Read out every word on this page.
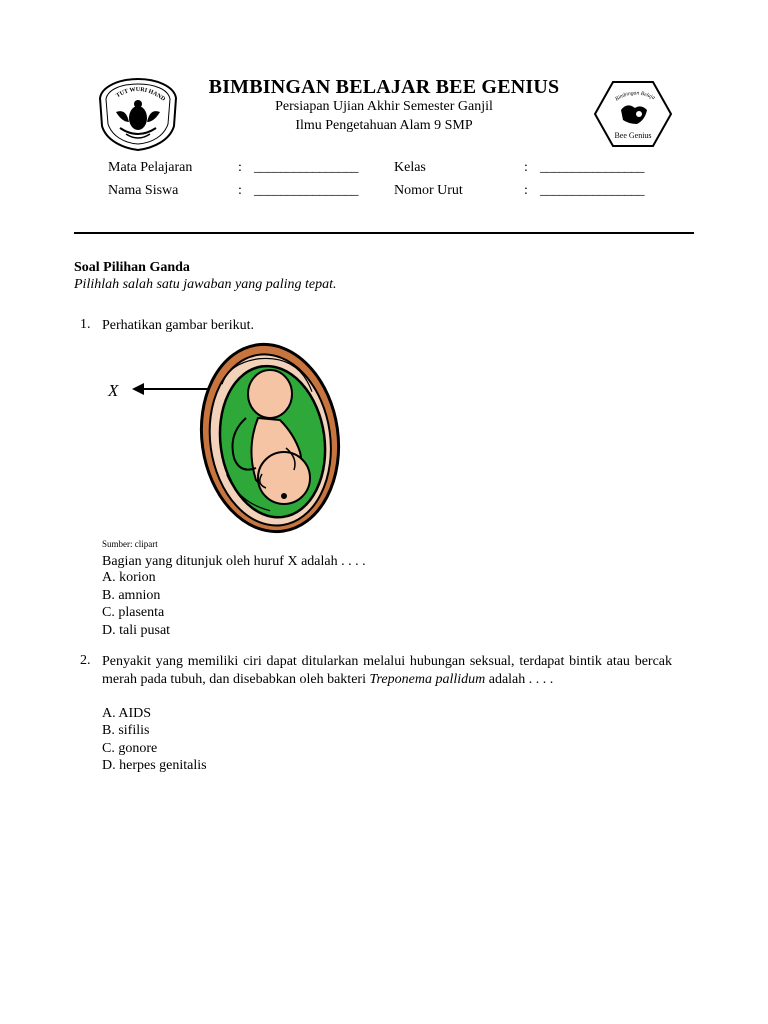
TUT WURI HAND
BIMBINGAN BELAJAR BEE GENIUS
Persiapan Ujian Akhir Semester Ganjil
Ilmu Pengetahuan Alam 9 SMP
Bimbingan Belaja
Bee Genius
Mata Pelajaran	: ________________	Kelas	: ________________
Nama Siswa	: ________________	Nomor Urut	: ________________
Soal Pilihan Ganda
Pilihlah salah satu jawaban yang paling tepat.
1. Perhatikan gambar berikut.
X
Sumber: clipart
Bagian yang ditunjuk oleh huruf X adalah . . . .
A. korion
B. amnion
C. plasenta
D. tali pusat
2. Penyakit yang memiliki ciri dapat ditularkan melalui hubungan seksual, terdapat bintik atau bercak merah pada tubuh, dan disebabkan oleh bakteri Treponema pallidum adalah . . . .
A. AIDS
B. sifilis
C. gonore
D. herpes genitalis
